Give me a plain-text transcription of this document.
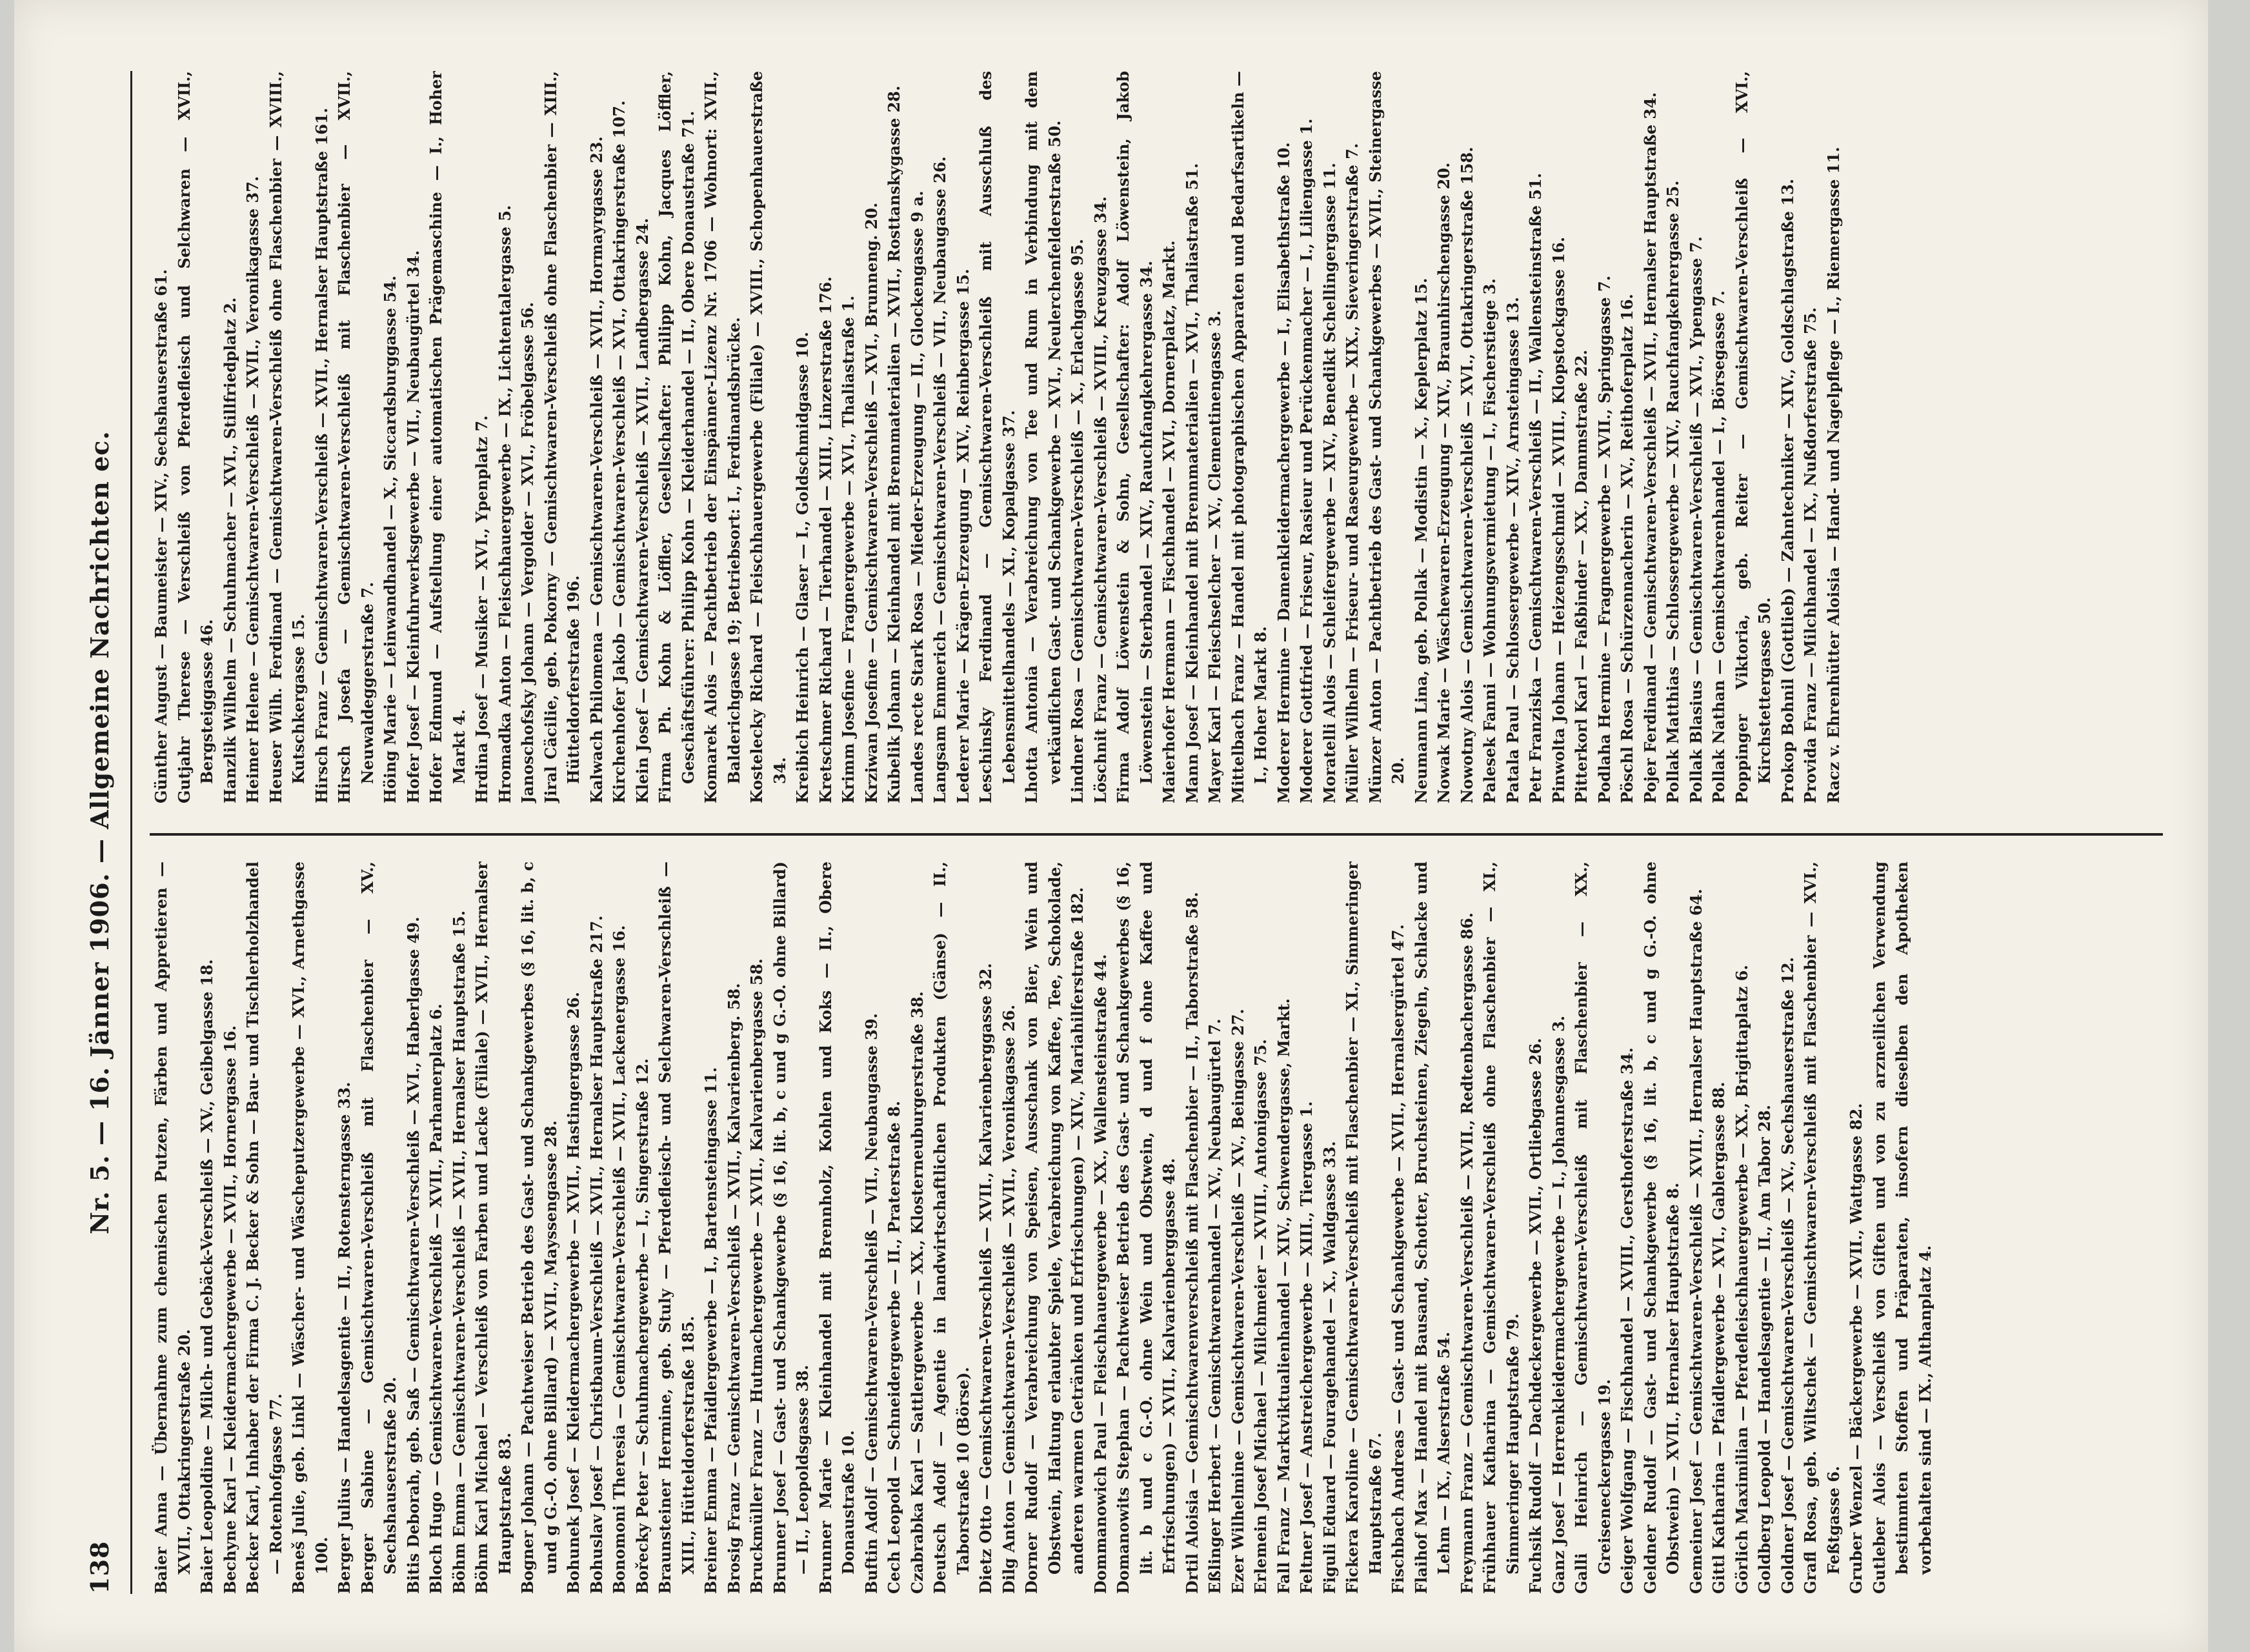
138
Nr. 5. — 16. Jänner 1906. — Allgemeine Nachrichten ec. Baier Anna — Übernahme zum chemischen Putzen, Färben und Appretieren — XVII., Ottakringerstraße 20. Baier Leopoldine — Milch- und Gebäck-Verschleiß — XV., Geibelgasse 18. Bechyne Karl — Kleidermachergewerbe — XVII., Hornergasse 16. Becker Karl, Inhaber der Firma C. J. Becker & Sohn — Bau- und Tischlerholzhandel — Rotenhofgasse 77. Beneš Julie, geb. Linkl — Wäscher- und Wäscheputzergewerbe — XVI., Arnethgasse 100. Berger Julius — Handelsagentie — II., Rotensterngasse 33. Berger Sabine — Gemischtwaren-Verschleiß mit Flaschenbier — XV., Sechshauserstraße 20. Bitis Deborah, geb. Saß — Gemischtwaren-Verschleiß — XVI., Haberlgasse 49. Bloch Hugo — Gemischtwaren-Verschleiß — XVII., Parhamerplatz 6. Böhm Emma — Gemischtwaren-Verschleiß — XVII., Hernalser Hauptstraße 15. Böhm Karl Michael — Verschleiß von Farben und Lacke (Filiale) — XVII., Hernalser Hauptstraße 83. Bogner Johann — Pachtweiser Betrieb des Gast- und Schankgewerbes (§ 16, lit. b, c und g G.-O. ohne Billard) — XVII., Mayssengasse 28. Bohunek Josef — Kleidermachergewerbe — XVII., Hastingergasse 26. Bohuslav Josef — Christbaum-Verschleiß — XVII., Hernalser Hauptstraße 217. Bonomoni Theresia — Gemischtwaren-Verschleiß — XVII., Lackenergasse 16. Bořecky Peter — Schuhmachergewerbe — I., Singerstraße 12. Braunsteiner Hermine, geb. Stuly — Pferdefleisch- und Selchwaren-Verschleiß — XIII., Hütteldorferstraße 185. Breiner Emma — Pfaidlergewerbe — I., Bartensteingasse 11. Brosig Franz — Gemischtwaren-Verschleiß — XVII., Kalvarienberg. 58. Bruckmüller Franz — Hutmachergewerbe — XVII., Kalvarienbergasse 58. Brunner Josef — Gast- und Schankgewerbe (§ 16, lit. b, c und g G.-O. ohne Billard) — II., Leopoldsgasse 38. Brunner Marie — Kleinhandel mit Brennholz, Kohlen und Koks — II., Obere Donaustraße 10. Buftin Adolf — Gemischtwaren-Verschleiß — VII., Neubaugasse 39. Cech Leopold — Schneidergewerbe — II., Praterstraße 8. Czabrabka Karl — Sattlergewerbe — XX., Klosterneuburgerstraße 38. Deutsch Adolf — Agentie in landwirtschaftlichen Produkten (Gänse) — II., Taborstraße 10 (Börse). Dietz Otto — Gemischtwaren-Verschleiß — XVII., Kalvarienberggasse 32. Dilg Anton — Gemischtwaren-Verschleiß — XVII., Veronikagasse 26. Dorner Rudolf — Verabreichung von Speisen, Ausschank von Bier, Wein und Obstwein, Haltung erlaubter Spiele, Verabreichung von Kaffee, Tee, Schokolade, anderen warmen Getränken und Erfrischungen) — XIV., Mariahilferstraße 182. Dommanowich Paul — Fleischhauergewerbe — XX., Wallensteinstraße 44. Domanowits Stephan — Pachtweiser Betrieb des Gast- und Schankgewerbes (§ 16, lit. b und c G.-O. ohne Wein und Obstwein, d und f ohne Kaffee und Erfrischungen) — XVII., Kalvarienberggasse 48. Drtil Aloisia — Gemischtwarenverschleiß mit Flaschenbier — II., Taborstraße 58. Eßlinger Herbert — Gemischtwarenhandel — XV., Neubaugürtel 7. Ezer Wilhelmine — Gemischtwaren-Verschleiß — XV., Beingasse 27. Erlemein Josef Michael — Milchmeier — XVIII., Antonigasse 75. Fall Franz — Marktviktualienhandel — XIV., Schwendergasse, Markt. Feltner Josef — Anstreichergewerbe — XIII., Tiergasse 1. Figuli Eduard — Fouragehandel — X., Waldgasse 33. Fickera Karoline — Gemischtwaren-Verschleiß mit Flaschenbier — XI., Simmeringer Hauptstraße 67. Fischbach Andreas — Gast- und Schankgewerbe — XVII., Hernalsergürtel 47. Flaihof Max — Handel mit Bausand, Schotter, Bruchsteinen, Ziegeln, Schlacke und Lehm — IX., Alserstraße 54. Freymann Franz — Gemischtwaren-Verschleiß — XVII., Redtenbachergasse 86. Frühhauer Katharina — Gemischtwaren-Verschleiß ohne Flaschenbier — XI., Simmeringer Hauptstraße 79. Fuchsik Rudolf — Dachdeckergewerbe — XVII., Ortliebgasse 26. Ganz Josef — Herrenkleidermachergewerbe — I., Johannesgasse 3. Galli Heinrich — Gemischtwaren-Verschleiß mit Flaschenbier — XX., Greiseneckergasse 19. Geiger Wolfgang — Fischhandel — XVIII., Gersthoferstraße 34. Geldner Rudolf — Gast- und Schankgewerbe (§ 16, lit. b, c und g G.-O. ohne Obstwein) — XVII., Hernalser Hauptstraße 8. Gemeiner Josef — Gemischtwaren-Verschleiß — XVII., Hernalser Hauptstraße 64. Gittl Katharina — Pfaidlergewerbe — XVI., Gablergasse 88. Görlich Maximilian — Pferdefleischhauergewerbe — XX., Brigittaplatz 6. Goldberg Leopold — Handelsagentie — II., Am Tabor 28. Goldner Josef — Gemischtwaren-Verschleiß — XV., Sechshauserstraße 12. Grafl Rosa, geb. Wiltschek — Gemischtwaren-Verschleiß mit Flaschenbier — XVI., Feßtgasse 6. Gruber Wenzel — Bäckergewerbe — XVII., Wattgasse 82. Gutleber Alois — Verschleiß von Giften und von zu arzneilichen Verwendung bestimmten Stoffen und Präparaten, insofern dieselben den Apotheken vorbehalten sind — IX., Althanplatz 4.

Günther August — Baumeister — XIV., Sechshauserstraße 61. Gutjahr Therese — Verschleiß von Pferdefleisch und Selchwaren — XVII., Bergsteiggasse 46. Hanzlik Wilhelm — Schuhmacher — XVI., Stillfriedplatz 2. Heimer Helene — Gemischtwaren-Verschleiß — XVII., Veronikagasse 37. Heuser Wilh. Ferdinand — Gemischtwaren-Verschleiß ohne Flaschenbier — XVIII., Kutschkergasse 15. Hirsch Franz — Gemischtwaren-Verschleiß — XVII., Hernalser Hauptstraße 161. Hirsch Josefa — Gemischtwaren-Verschleiß mit Flaschenbier — XVII., Neuwaldeggerstraße 7. Höing Marie — Leinwandhandel — X., Siccardsburggasse 54. Hofer Josef — Kleinfuhrwerksgewerbe — VII., Neubaugürtel 34. Hofer Edmund — Aufstellung einer automatischen Prägemaschine — I., Hoher Markt 4. Hrdina Josef — Musiker — XVI., Ypenplatz 7. Hromadka Anton — Fleischhauergewerbe — IX., Lichtentalergasse 5. Janoschofsky Johann — Vergolder — XVI., Fröbelgasse 56. Jiral Cäcilie, geb. Pokorny — Gemischtwaren-Verschleiß ohne Flaschenbier — XIII., Hütteldorferstraße 196. Kalwach Philomena — Gemischtwaren-Verschleiß — XVII., Hormayrgasse 23. Kirchenhofer Jakob — Gemischtwaren-Verschleiß — XVI., Ottakringerstraße 107. Klein Josef — Gemischtwaren-Verschleiß — XVII., Landbergasse 24. Firma Ph. Kohn & Löffler, Gesellschafter: Philipp Kohn, Jacques Löffler, Geschäftsführer: Philipp Kohn — Kleiderhandel — II., Obere Donaustraße 71. Komarek Alois — Pachtbetrieb der Einspänner-Lizenz Nr. 1706 — Wohnort: XVII., Balderichgasse 19; Betriebsort: I., Ferdinandsbrücke. Kostelecky Richard — Fleischhauergewerbe (Filiale) — XVIII., Schopenhauerstraße 34. Kreibich Heinrich — Glaser — I., Goldschmidgasse 10. Kretschmer Richard — Tierhandel — XIII., Linzerstraße 176. Krimm Josefine — Fragnergewerbe — XVI., Thaliastraße 1. Krziwan Josefine — Gemischtwaren-Verschleiß — XVI., Brunneng. 20. Kubelik Johann — Kleinhandel mit Brennmaterialien — XVII., Rosttanskygasse 28. Landes recte Stark Rosa — Mieder-Erzeugung — II., Glockengasse 9 a. Langsam Emmerich — Gemischtwaren-Verschleiß — VII., Neubaugasse 26. Lederer Marie — Krägen-Erzeugung — XIV., Reinbergasse 15. Leschinsky Ferdinand — Gemischtwaren-Verschleiß mit Ausschluß des Lebensmittelhandels — XI., Kopalgasse 37. Lhotta Antonia — Verabreichung von Tee und Rum in Verbindung mit dem verkäuflichen Gast- und Schankgewerbe — XVI., Neulerchenfelderstraße 50. Lindner Rosa — Gemischtwaren-Verschleiß — X., Erlachgasse 95. Löschnit Franz — Gemischtwaren-Verschleiß — XVIII., Kreuzgasse 34. Firma Adolf Löwenstein & Sohn, Gesellschafter: Adolf Löwenstein, Jakob Löwenstein — Sterbandel — XIV., Rauchfangkehrergasse 34. Maierhofer Hermann — Fischhandel — XVI., Dornerplatz, Markt. Mann Josef — Kleinhandel mit Brennmaterialien — XVI., Thaliastraße 51. Mayer Karl — Fleischselcher — XV., Clementinengasse 3. Mittelbach Franz — Handel mit photographischen Apparaten und Bedarfsartikeln — I., Hoher Markt 8. Moderer Hermine — Damenkleidermachergewerbe — I., Elisabethstraße 10. Moderer Gottfried — Friseur, Rasieur und Perückenmacher — I., Liliengasse 1. Moratelli Alois — Schleifergewerbe — XIV., Benedikt Schellingergasse 11. Müller Wilhelm — Friseur- und Raseurgewerbe — XIX., Sieveringerstraße 7. Münzer Anton — Pachtbetrieb des Gast- und Schankgewerbes — XVII., Steinergasse 20. Neumann Lina, geb. Pollak — Modistin — X., Keplerplatz 15. Nowak Marie — Wäschewaren-Erzeugung — XIV., Braunhirschengasse 20. Nowotny Alois — Gemischtwaren-Verschleiß — XVI., Ottakringerstraße 158. Palesek Fanni — Wohnungsvermietung — I., Fischerstiege 3. Patala Paul — Schlossergewerbe — XIV., Arnsteingasse 13. Petr Franziska — Gemischtwaren-Verschleiß — II., Wallensteinstraße 51. Pinwolta Johann — Heizengsschmid — XVIII., Klopstockgasse 16. Pitterkorl Karl — Faßbinder — XX., Dammstraße 22. Podlaha Hermine — Fragnergewerbe — XVII., Springgasse 7. Pöschl Rosa — Schürzennacherin — XV., Reithoferplatz 16. Pojer Ferdinand — Gemischtwaren-Verschleiß — XVII., Hernalser Hauptstraße 34. Pollak Matthias — Schlossergewerbe — XIV., Rauchfangkehrergasse 25. Pollak Blasius — Gemischtwaren-Verschleiß — XVI., Ypengasse 7. Pollak Nathan — Gemischtwarenhandel — I., Börsegasse 7. Poppinger Viktoria, geb. Reiter — Gemischtwaren-Verschleiß — XVI., Kirchstettergasse 50. Prokop Bohnil (Gottlieb) — Zahntechniker — XIV., Goldschlagstraße 13. Provida Franz — Milchhandel — IX., Nußdorferstraße 75. Racz v. Ehrenhütter Aloisia — Hand- und Nagelpflege — I., Riemergasse 11.
